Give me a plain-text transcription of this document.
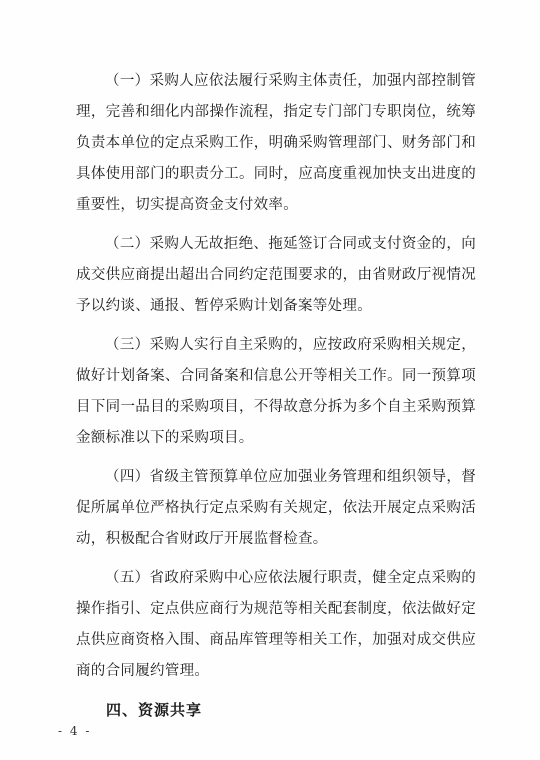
（一）采购人应依法履行采购主体责任，加强内部控制管理，完善和细化内部操作流程，指定专门部门专职岗位，统筹负责本单位的定点采购工作，明确采购管理部门、财务部门和具体使用部门的职责分工。同时，应高度重视加快支出进度的重要性，切实提高资金支付效率。

（二）采购人无故拒绝、拖延签订合同或支付资金的，向成交供应商提出超出合同约定范围要求的，由省财政厅视情况予以约谈、通报、暂停采购计划备案等处理。

（三）采购人实行自主采购的，应按政府采购相关规定，做好计划备案、合同备案和信息公开等相关工作。同一预算项目下同一品目的采购项目，不得故意分拆为多个自主采购预算金额标准以下的采购项目。

（四）省级主管预算单位应加强业务管理和组织领导，督促所属单位严格执行定点采购有关规定，依法开展定点采购活动，积极配合省财政厅开展监督检查。

（五）省政府采购中心应依法履行职责，健全定点采购的操作指引、定点供应商行为规范等相关配套制度，依法做好定点供应商资格入围、商品库管理等相关工作，加强对成交供应商的合同履约管理。

四、资源共享

- 4 -
